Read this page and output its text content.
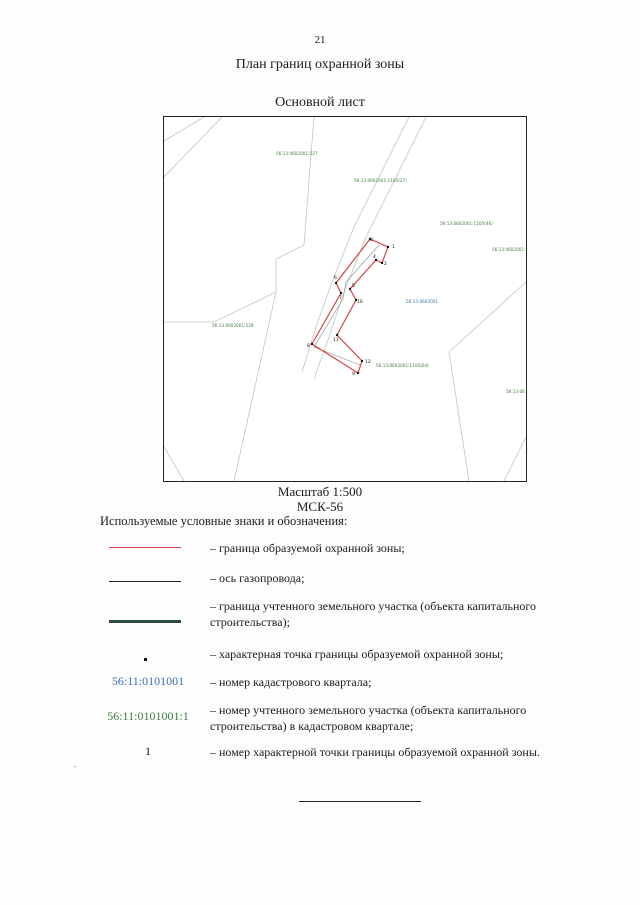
21
План границ охранной зоны
Основной лист
1
2
3
4
5
6
7
8
9
10
11
12
56:13:0602001:527
56:13:0602001:1105(27)
56:13:0602001:1105(46)
56:13:0602001:
56:13:0602001:529
56:13:0602001
56:13:0602001:1105(64)
56:13:06
Масштаб 1:500
МСК-56
Используемые условные знаки и обозначения:
– граница образуемой охранной зоны;
– ось газопровода;
– граница учтенного земельного участка (объекта капитального строительства);
– характерная точка границы образуемой охранной зоны;
56:11:0101001	– номер кадастрового квартала;
56:11:0101001:1	– номер учтенного земельного участка (объекта капитального строительства) в кадастровом квартале;
1	– номер характерной точки границы образуемой охранной зоны.
